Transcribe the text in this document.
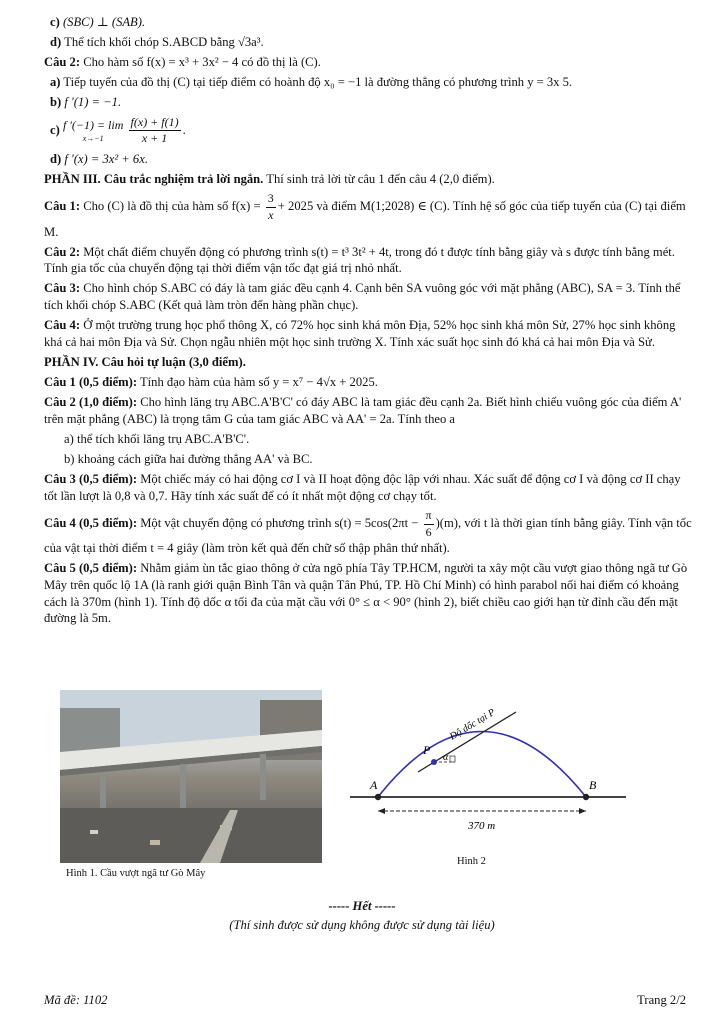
c) (SBC) ⊥ (SAB).

d) Thể tích khối chóp S.ABCD bằng √3a³.

Câu 2: Cho hàm số f(x) = x³ + 3x² − 4 có đồ thị là (C).

a) Tiếp tuyến của đồ thị (C) tại tiếp điểm có hoành độ x₀ = −1 là đường thẳng có phương trình y = 3x 5.

b) f '(1) = −1.

c) f '(−1) = lim
x→−1
$\frac{f(x) + f(1)}{x + 1}$ .

d) f '(x) = 3x² + 6x.

PHẦN III. Câu trắc nghiệm trả lời ngắn. Thí sinh trả lời từ câu 1 đến câu 4 (2,0 điểm).

Câu 1: Cho (C) là đồ thị của hàm số $f(x) = \frac{3}{x} + 2025$ và điểm M(1;2028) ∈ (C). Tính hệ số góc của tiếp tuyến của (C) tại điểm M.

Câu 2: Một chất điểm chuyển động có phương trình s(t) = t³ 3t² + 4t, trong đó t được tính bằng giây và s được tính bằng mét. Tính gia tốc của chuyển động tại thời điểm vận tốc đạt giá trị nhỏ nhất.

Câu 3: Cho hình chóp S.ABC có đáy là tam giác đều cạnh 4. Cạnh bên SA vuông góc với mặt phẳng (ABC), SA = 3. Tính thể tích khối chóp S.ABC (Kết quả làm tròn đến hàng phần chục).

Câu 4: Ở một trường trung học phổ thông X, có 72% học sinh khá môn Địa, 52% học sinh khá môn Sử, 27% học sinh không khá cả hai môn Địa và Sử. Chọn ngẫu nhiên một học sinh trường X. Tính xác suất học sinh đó khá cả hai môn Địa và Sử.

PHẦN IV. Câu hỏi tự luận (3,0 điểm).

Câu 1 (0,5 điểm): Tính đạo hàm của hàm số y = x⁷ − 4√x + 2025.

Câu 2 (1,0 điểm): Cho hình lăng trụ ABC.A'B'C' có đáy ABC là tam giác đều cạnh 2a. Biết hình chiếu vuông góc của điểm A' trên mặt phẳng (ABC) là trọng tâm G của tam giác ABC và AA' = 2a. Tính theo a

a) thể tích khối lăng trụ ABC.A'B'C'.

b) khoảng cách giữa hai đường thẳng AA' và BC.

Câu 3 (0,5 điểm): Một chiếc máy có hai động cơ I và II hoạt động độc lập với nhau. Xác suất để động cơ I và động cơ II chạy tốt lần lượt là 0,8 và 0,7. Hãy tính xác suất để có ít nhất một động cơ chạy tốt.

Câu 4 (0,5 điểm): Một vật chuyển động có phương trình $s(t) = 5\cos(2\pi t - \frac{\pi}{6} )(m)$, với t là thời gian tính bằng giây. Tính vận tốc của vật tại thời điểm t = 4 giây (làm tròn kết quả đến chữ số thập phân thứ nhất).

Câu 5 (0,5 điểm): Nhằm giảm ùn tắc giao thông ở cửa ngõ phía Tây TP.HCM, người ta xây một cầu vượt giao thông ngã tư Gò Mây trên quốc lộ 1A (là ranh giới quận Bình Tân và quận Tân Phú, TP. Hồ Chí Minh) có hình parabol nối hai điểm có khoảng cách là 370m (hình 1). Tính độ dốc α tối đa của mặt cầu với 0° ≤ α < 90° (hình 2), biết chiều cao giới hạn từ đỉnh cầu đến mặt đường là 5m.

Hình 1. Cầu vượt ngã tư Gò Mây
P
A	B
α
Độ dốc tại P
370 m
Hình 2
----- Hết -----
(Thí sinh được sử dụng không được sử dụng tài liệu)
Mã đề: 1102	Trang 2/2
